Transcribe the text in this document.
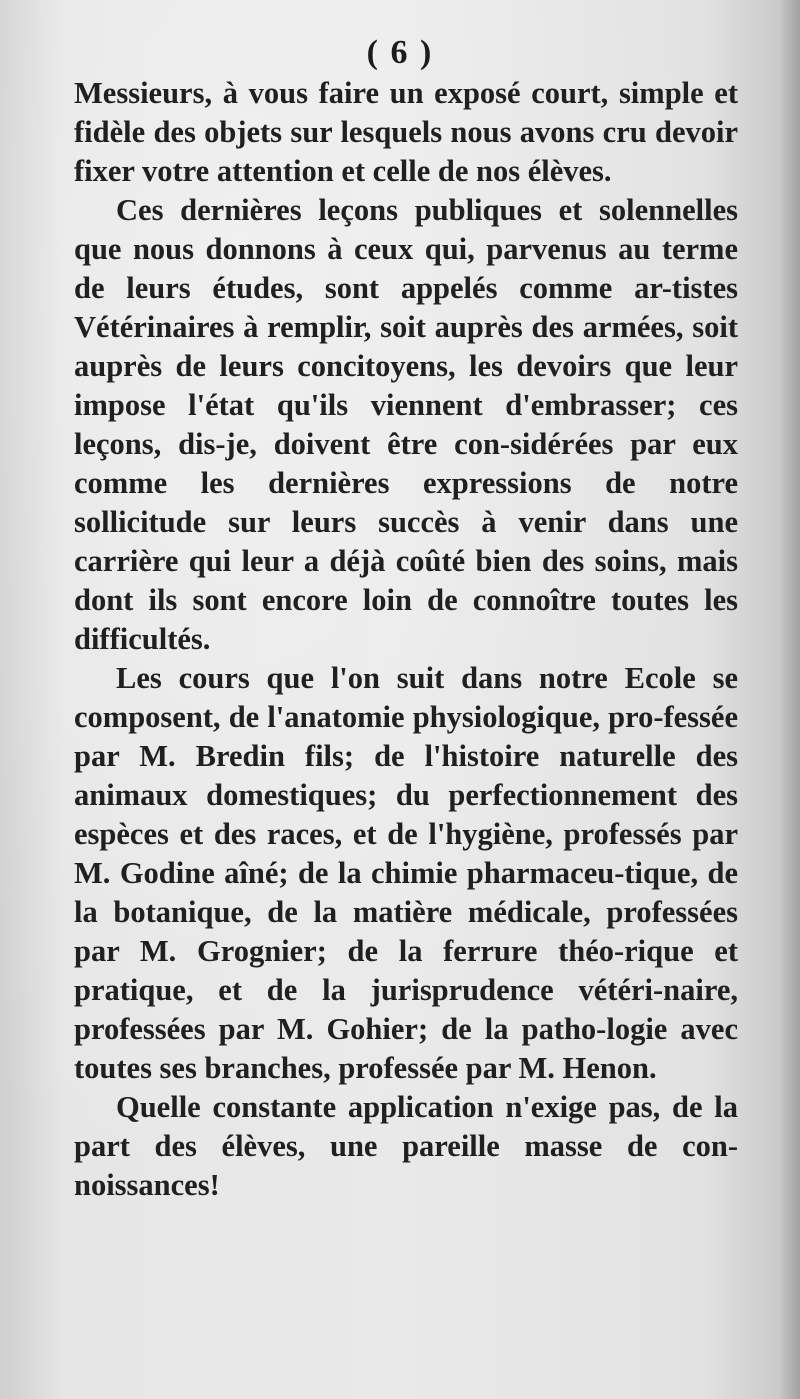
( 6 )

Messieurs, à vous faire un exposé court, simple et fidèle des objets sur lesquels nous avons cru devoir fixer votre attention et celle de nos élèves.

Ces dernières leçons publiques et solennelles que nous donnons à ceux qui, parvenus au terme de leurs études, sont appelés comme ar-tistes Vétérinaires à remplir, soit auprès des armées, soit auprès de leurs concitoyens, les devoirs que leur impose l'état qu'ils viennent d'embrasser; ces leçons, dis-je, doivent être con-sidérées par eux comme les dernières expressions de notre sollicitude sur leurs succès à venir dans une carrière qui leur a déjà coûté bien des soins, mais dont ils sont encore loin de connoître toutes les difficultés.

Les cours que l'on suit dans notre Ecole se composent, de l'anatomie physiologique, pro-fessée par M. Bredin fils; de l'histoire naturelle des animaux domestiques; du perfectionnement des espèces et des races, et de l'hygiène, professés par M. Godine aîné; de la chimie pharmaceu-tique, de la botanique, de la matière médicale, professées par M. Grognier; de la ferrure théo-rique et pratique, et de la jurisprudence vétéri-naire, professées par M. Gohier; de la patho-logie avec toutes ses branches, professée par M. Henon.

Quelle constante application n'exige pas, de la part des élèves, une pareille masse de con-noissances!
